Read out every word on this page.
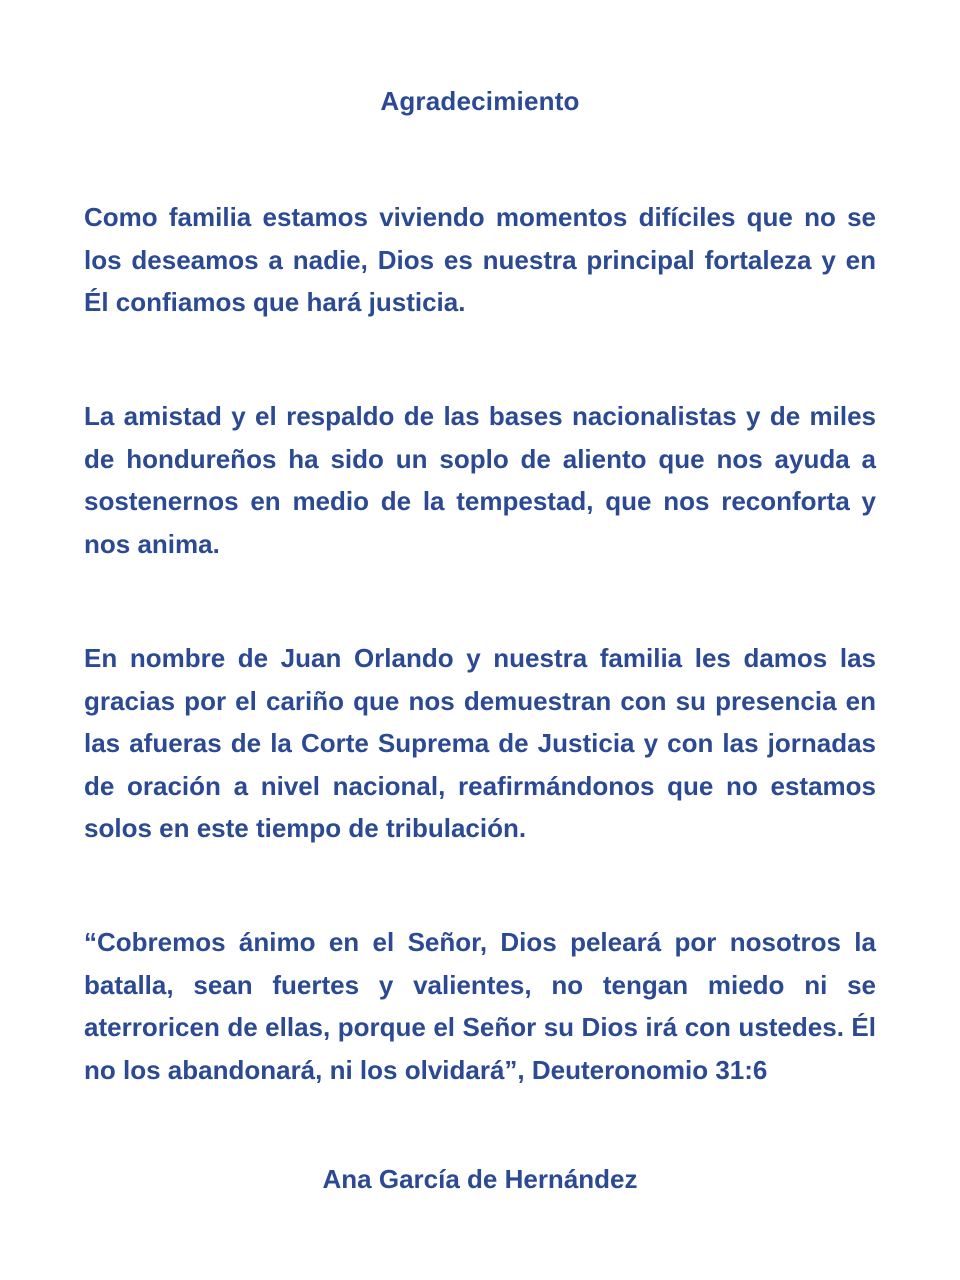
Agradecimiento

Como familia estamos viviendo momentos difíciles que no se los deseamos a nadie, Dios es nuestra principal fortaleza y en Él confiamos que hará justicia.

La amistad y el respaldo de las bases nacionalistas y de miles de hondureños ha sido un soplo de aliento que nos ayuda a sostenernos en medio de la tempestad, que nos reconforta y nos anima.

En nombre de Juan Orlando y nuestra familia les damos las gracias por el cariño que nos demuestran con su presencia en las afueras de la Corte Suprema de Justicia y con las jornadas de oración a nivel nacional, reafirmándonos que no estamos solos en este tiempo de tribulación.

“Cobremos ánimo en el Señor, Dios peleará por nosotros la batalla, sean fuertes y valientes, no tengan miedo ni se aterroricen de ellas, porque el Señor su Dios irá con ustedes. Él no los abandonará, ni los olvidará”, Deuteronomio 31:6

Ana García de Hernández
